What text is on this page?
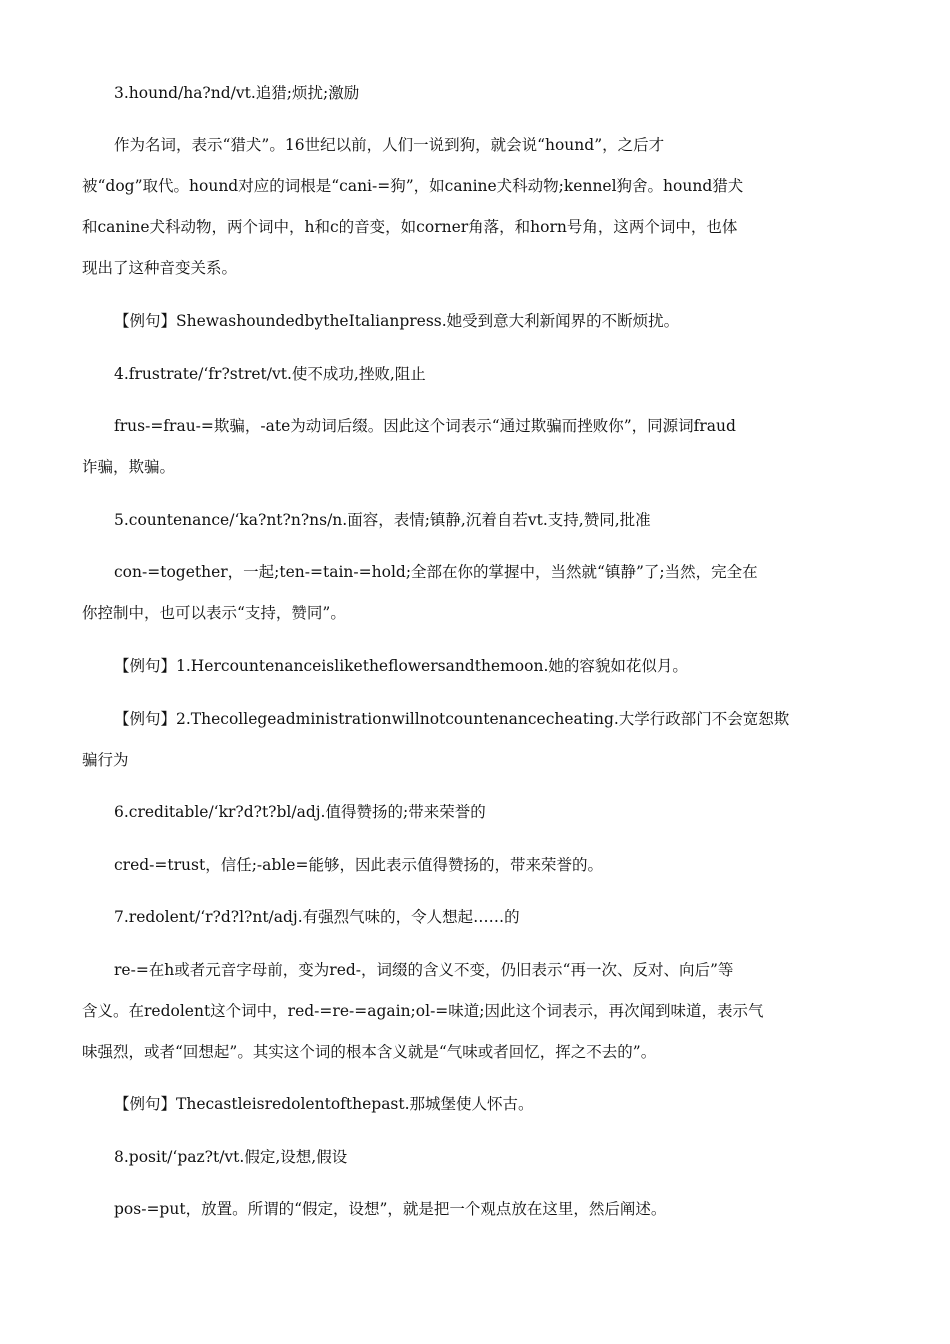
3.hound/ha?nd/vt.追猎;烦扰;激励
作为名词，表示“猎犬”。16世纪以前，人们一说到狗，就会说“hound”，之后才
被“dog”取代。hound对应的词根是“cani-=狗”，如canine犬科动物;kennel狗舍。hound猎犬
和canine犬科动物，两个词中，h和c的音变，如corner角落，和horn号角，这两个词中，也体
现出了这种音变关系。
【例句】ShewashoundedbytheItalianpress.她受到意大利新闻界的不断烦扰。
4.frustrate/‘fr?stret/vt.使不成功,挫败,阻止
frus-=frau-=欺骗，-ate为动词后缀。因此这个词表示“通过欺骗而挫败你”，同源词fraud
诈骗，欺骗。
5.countenance/‘ka?nt?n?ns/n.面容，表情;镇静,沉着自若vt.支持,赞同,批准
con-=together，一起;ten-=tain-=hold;全部在你的掌握中，当然就“镇静”了;当然，完全在
你控制中，也可以表示“支持，赞同”。
【例句】1.Hercountenanceisliketheflowersandthemoon.她的容貌如花似月。
【例句】2.Thecollegeadministrationwillnotcountenancecheating.大学行政部门不会宽恕欺
骗行为
6.creditable/‘kr?d?t?bl/adj.值得赞扬的;带来荣誉的
cred-=trust，信任;-able=能够，因此表示值得赞扬的，带来荣誉的。
7.redolent/‘r?d?l?nt/adj.有强烈气味的，令人想起……的
re-=在h或者元音字母前，变为red-，词缀的含义不变，仍旧表示“再一次、反对、向后”等
含义。在redolent这个词中，red-=re-=again;ol-=味道;因此这个词表示，再次闻到味道，表示气
味强烈，或者“回想起”。其实这个词的根本含义就是“气味或者回忆，挥之不去的”。
【例句】Thecastleisredolentofthepast.那城堡使人怀古。
8.posit/‘paz?t/vt.假定,设想,假设
pos-=put，放置。所谓的“假定，设想”，就是把一个观点放在这里，然后阐述。
